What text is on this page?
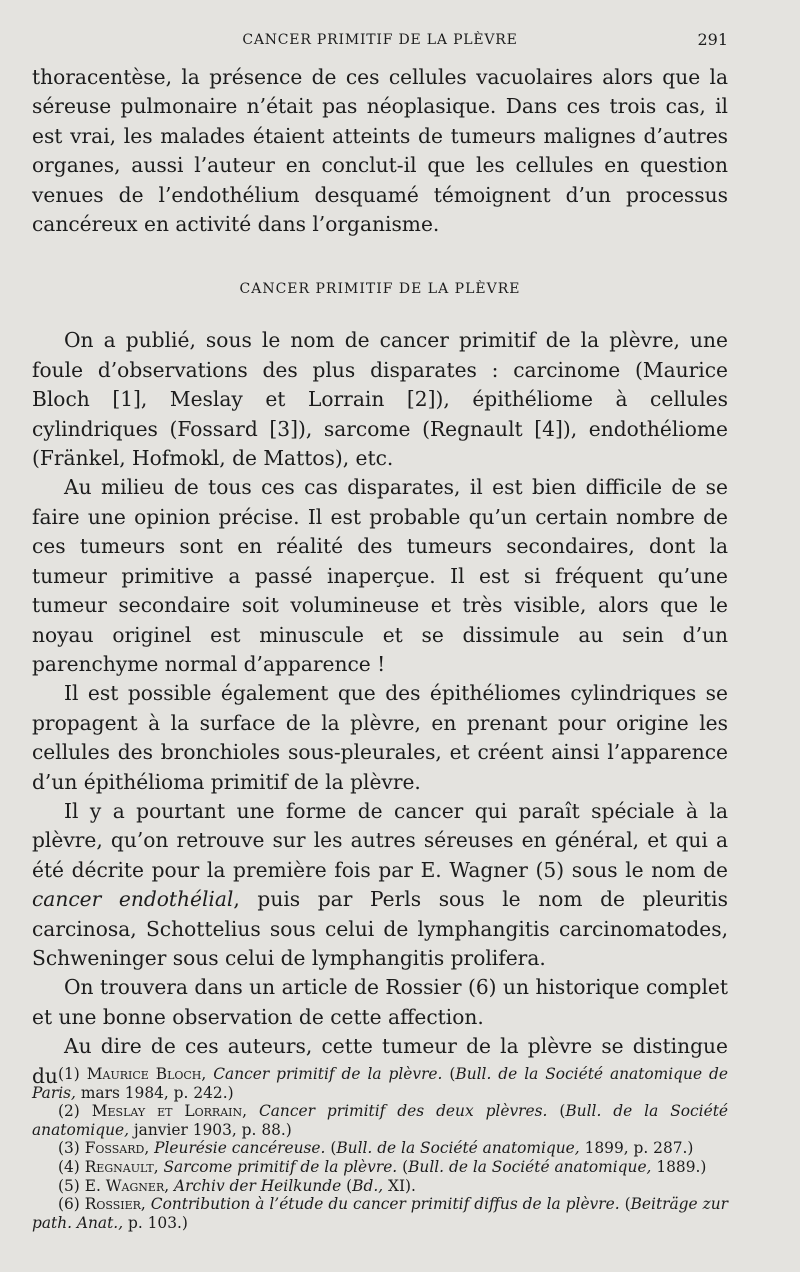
CANCER PRIMITIF DE LA PLÈVRE	291

thoracentèse, la présence de ces cellules vacuolaires alors que la séreuse pulmonaire n’était pas néoplasique. Dans ces trois cas, il est vrai, les malades étaient atteints de tumeurs malignes d’autres organes, aussi l’auteur en conclut-il que les cellules en question venues de l’endothélium desquamé témoignent d’un processus cancéreux en activité dans l’organisme.

CANCER PRIMITIF DE LA PLÈVRE

On a publié, sous le nom de cancer primitif de la plèvre, une foule d’observations des plus disparates : carcinome (Maurice Bloch [1], Meslay et Lorrain [2]), épithéliome à cellules cylindriques (Fossard [3]), sarcome (Regnault [4]), endothéliome (Fränkel, Hofmokl, de Mattos), etc.

Au milieu de tous ces cas disparates, il est bien difficile de se faire une opinion précise. Il est probable qu’un certain nombre de ces tumeurs sont en réalité des tumeurs secondaires, dont la tumeur primitive a passé inaperçue. Il est si fréquent qu’une tumeur secondaire soit volumineuse et très visible, alors que le noyau originel est minuscule et se dissimule au sein d’un parenchyme normal d’apparence !

Il est possible également que des épithéliomes cylindriques se propagent à la surface de la plèvre, en prenant pour origine les cellules des bronchioles sous-pleurales, et créent ainsi l’apparence d’un épithélioma primitif de la plèvre.

Il y a pourtant une forme de cancer qui paraît spéciale à la plèvre, qu’on retrouve sur les autres séreuses en général, et qui a été décrite pour la première fois par E. Wagner (5) sous le nom de cancer endothélial, puis par Perls sous le nom de pleuritis carcinosa, Schottelius sous celui de lymphangitis carcinomatodes, Schweninger sous celui de lymphangitis prolifera.

On trouvera dans un article de Rossier (6) un historique complet et une bonne observation de cette affection.

Au dire de ces auteurs, cette tumeur de la plèvre se distingue du (1) Maurice Bloch, Cancer primitif de la plèvre. (Bull. de la Société anatomique de Paris, mars 1984, p. 242.)

(2) Meslay et Lorrain, Cancer primitif des deux plèvres. (Bull. de la Société anatomique, janvier 1903, p. 88.)

(3) Fossard, Pleurésie cancéreuse. (Bull. de la Société anatomique, 1899, p. 287.)

(4) Regnault, Sarcome primitif de la plèvre. (Bull. de la Société anatomique, 1889.)

(5) E. Wagner, Archiv der Heilkunde (Bd., XI).

(6) Rossier, Contribution à l’étude du cancer primitif diffus de la plèvre. (Beiträge zur path. Anat., p. 103.)
